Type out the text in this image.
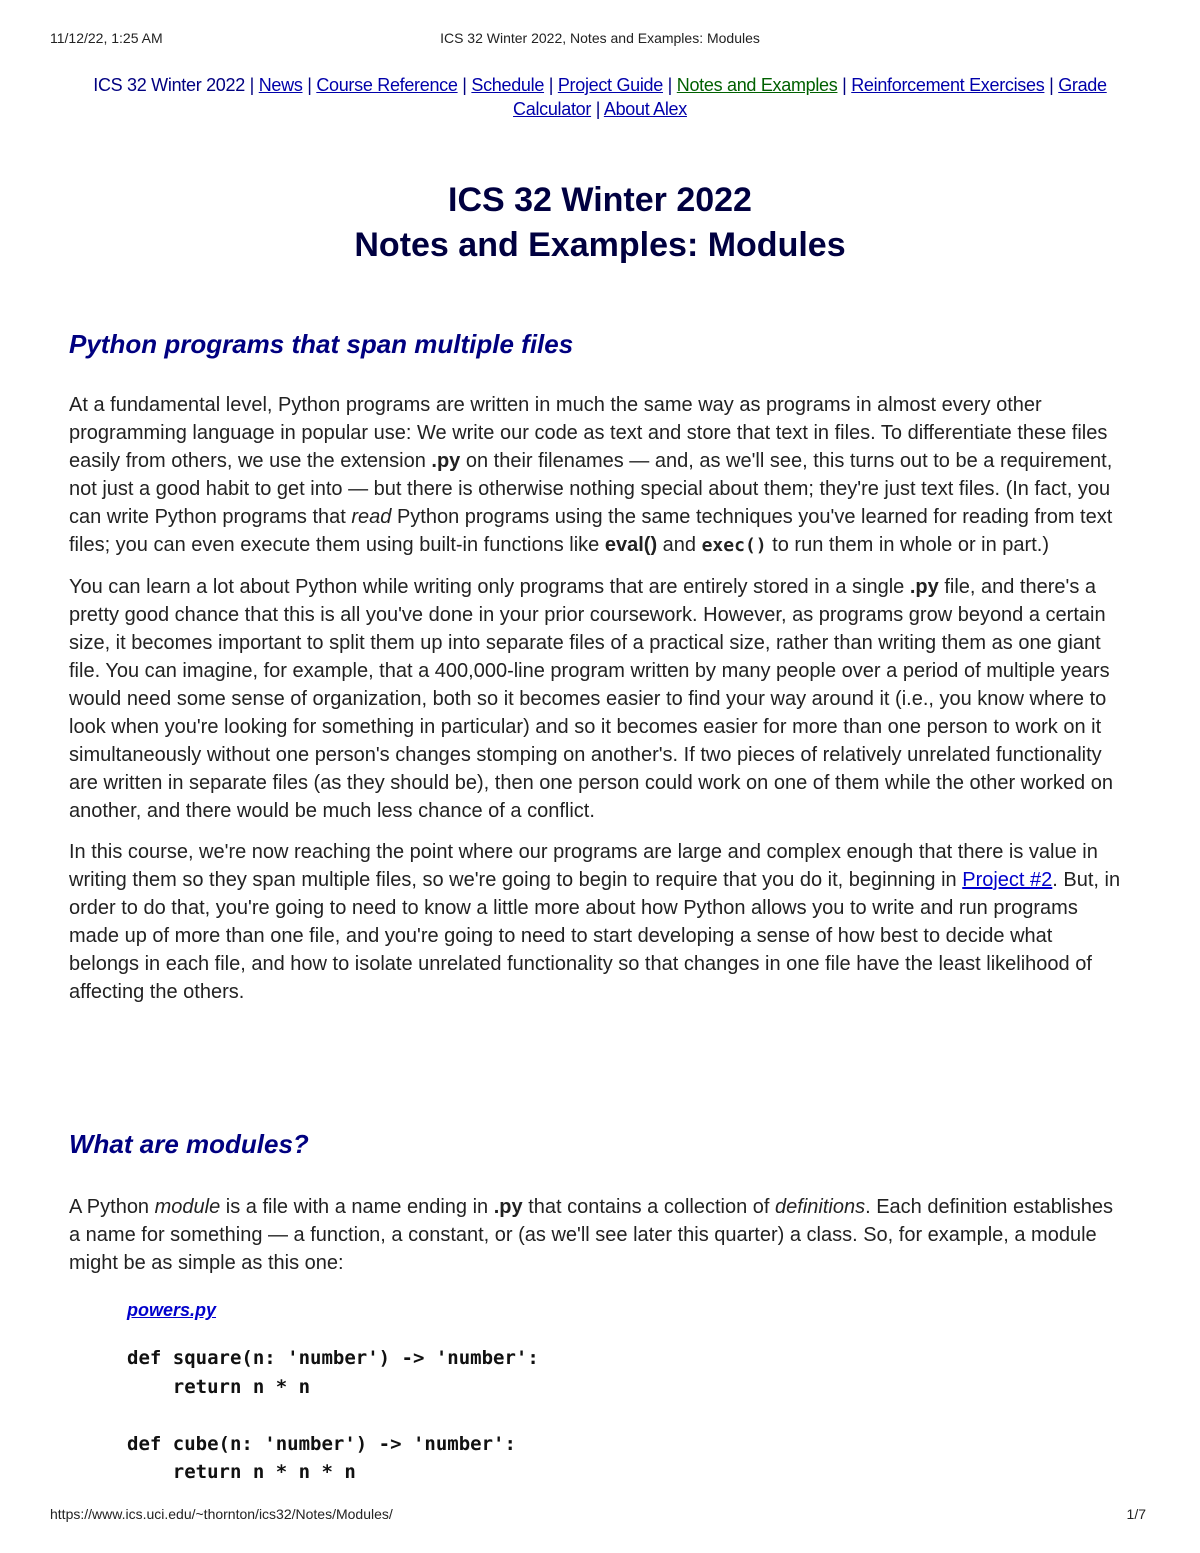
11/12/22, 1:25 AM	ICS 32 Winter 2022, Notes and Examples: Modules
ICS 32 Winter 2022 | News | Course Reference | Schedule | Project Guide | Notes and Examples | Reinforcement Exercises | Grade Calculator | About Alex
ICS 32 Winter 2022
Notes and Examples: Modules
Python programs that span multiple files

At a fundamental level, Python programs are written in much the same way as programs in almost every other programming language in popular use: We write our code as text and store that text in files. To differentiate these files easily from others, we use the extension .py on their filenames — and, as we'll see, this turns out to be a requirement, not just a good habit to get into — but there is otherwise nothing special about them; they're just text files. (In fact, you can write Python programs that read Python programs using the same techniques you've learned for reading from text files; you can even execute them using built-in functions like eval() and exec() to run them in whole or in part.)

You can learn a lot about Python while writing only programs that are entirely stored in a single .py file, and there's a pretty good chance that this is all you've done in your prior coursework. However, as programs grow beyond a certain size, it becomes important to split them up into separate files of a practical size, rather than writing them as one giant file. You can imagine, for example, that a 400,000-line program written by many people over a period of multiple years would need some sense of organization, both so it becomes easier to find your way around it (i.e., you know where to look when you're looking for something in particular) and so it becomes easier for more than one person to work on it simultaneously without one person's changes stomping on another's. If two pieces of relatively unrelated functionality are written in separate files (as they should be), then one person could work on one of them while the other worked on another, and there would be much less chance of a conflict.

In this course, we're now reaching the point where our programs are large and complex enough that there is value in writing them so they span multiple files, so we're going to begin to require that you do it, beginning in Project #2. But, in order to do that, you're going to need to know a little more about how Python allows you to write and run programs made up of more than one file, and you're going to need to start developing a sense of how best to decide what belongs in each file, and how to isolate unrelated functionality so that changes in one file have the least likelihood of affecting the others.

What are modules?

A Python module is a file with a name ending in .py that contains a collection of definitions. Each definition establishes a name for something — a function, a constant, or (as we'll see later this quarter) a class. So, for example, a module might be as simple as this one:

powers.py
def square(n: 'number') -> 'number':
return n * n

def cube(n: 'number') -> 'number':
return n * n * n
https://www.ics.uci.edu/~thornton/ics32/Notes/Modules/	1/7
